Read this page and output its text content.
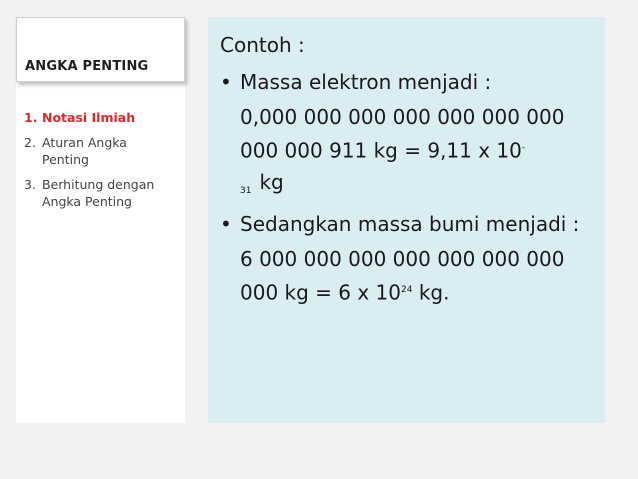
1. Notasi Ilmiah
2. Aturan Angka Penting
3. Berhitung dengan Angka Penting
ANGKA PENTING

Contoh :

• Massa elektron menjadi :

0,000 000 000 000 000 000 000 000 000 911 kg = 9,11 x 10-
$^{31}$ kg

• Sedangkan massa bumi menjadi :

6 000 000 000 000 000 000 000 000 kg = 6 x $10^{24}$ kg.
